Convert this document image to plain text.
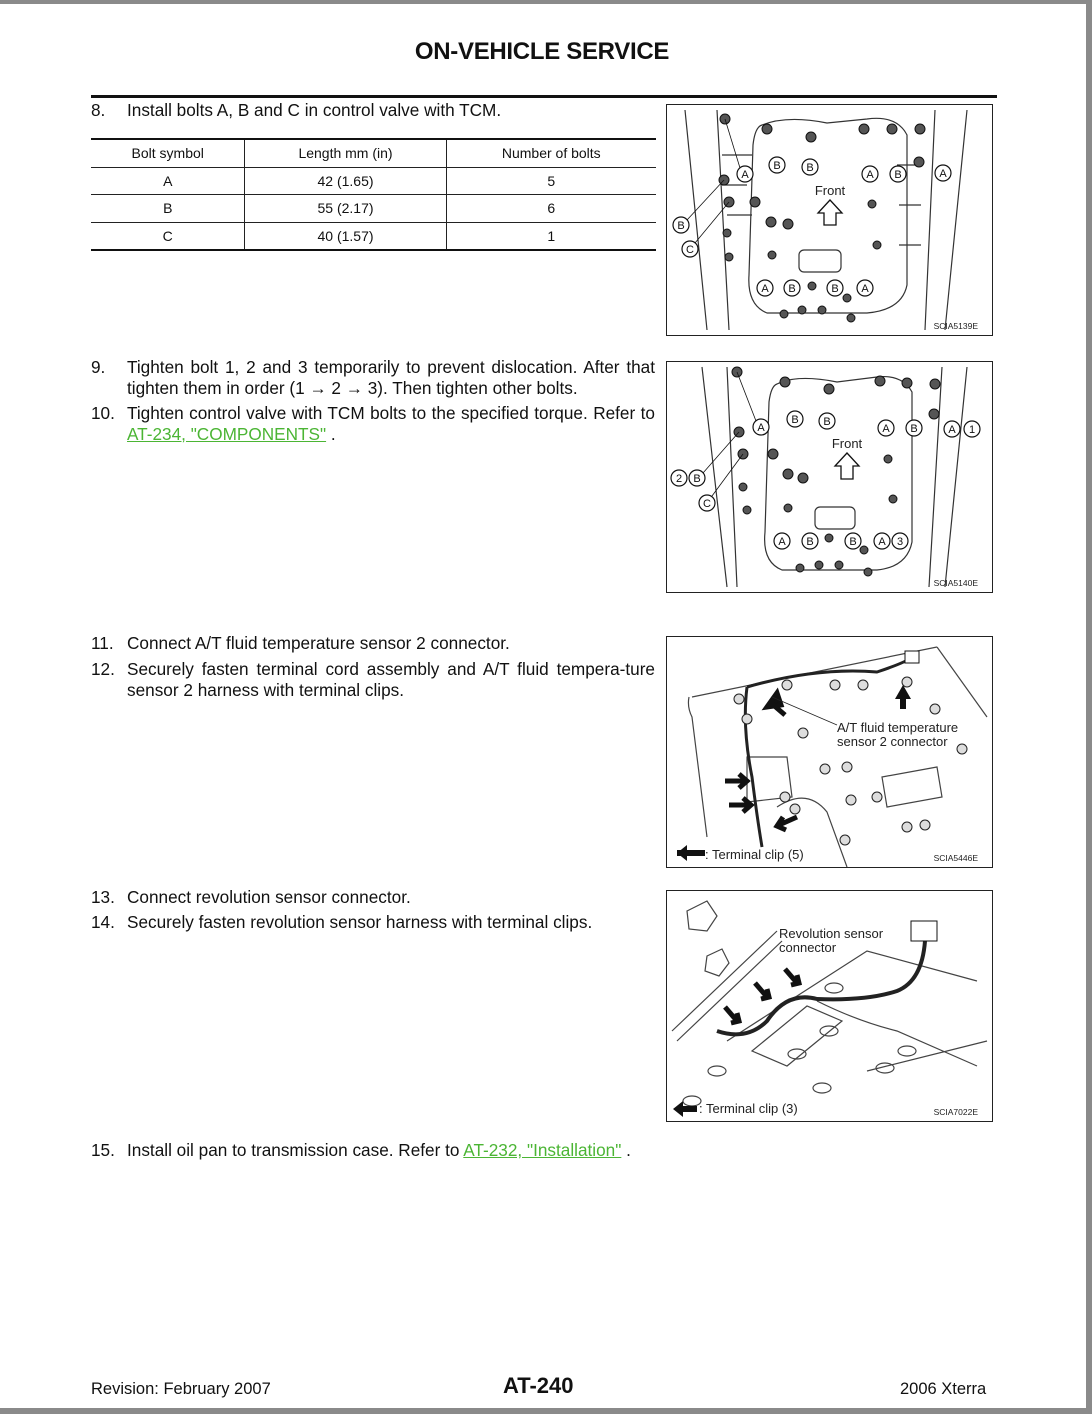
ON-VEHICLE SERVICE
8. Install bolts A, B and C in control valve with TCM.
Bolt symbol	Length mm (in)	Number of bolts
A	42 (1.65)	5
B	55 (2.17)	6
C	40 (1.57)	1
A
B B
A B	A
B
C
A B	B A
Front
SCIA5139E
9. Tighten bolt 1, 2 and 3 temporarily to prevent dislocation. After that tighten them in order (1 → 2 → 3). Then tighten other bolts.
10. Tighten control valve with TCM bolts to the specified torque. Refer to AT-234, "COMPONENTS" .	A
B B
A B	A 1
2 B
C
A B	B A 3
Front
SCIA5140E
11. Connect A/T fluid temperature sensor 2 connector.
12. Securely fasten terminal cord assembly and A/T fluid tempera-ture sensor 2 harness with terminal clips.
A/T fluid temperature
sensor 2 connector
: Terminal clip (5)	SCIA5446E
13. Connect revolution sensor connector.
14. Securely fasten revolution sensor harness with terminal clips.
Revolution sensor
connector
: Terminal clip (3)	SCIA7022E
15. Install oil pan to transmission case. Refer to AT-232, "Installation" .
Revision: February 2007	AT-240	2006 Xterra
